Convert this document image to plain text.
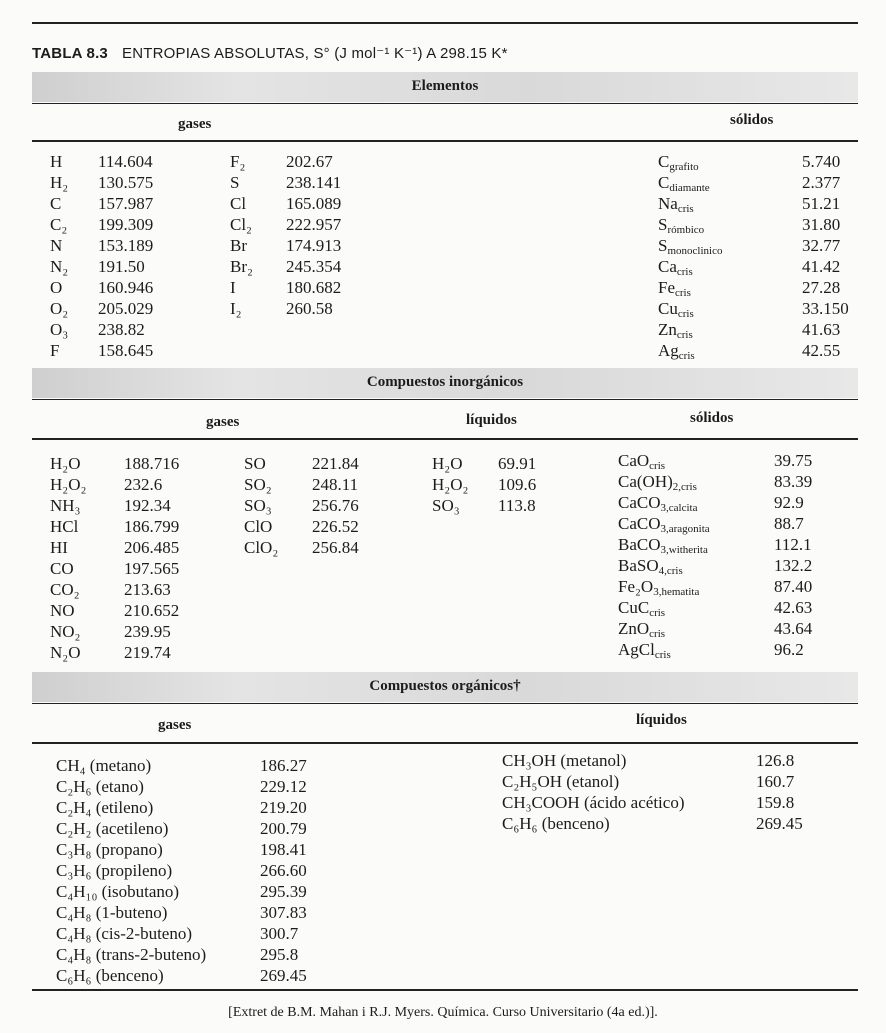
TABLA 8.3 ENTROPIAS ABSOLUTAS, S° (J mol⁻¹ K⁻¹) A 298.15 K*
Elementos
gases	sólidos
H 114.604
H₂ 130.575
C 157.987
C₂ 199.309
N 153.189
N₂ 191.50
O 160.946
O₂ 205.029
O₃ 238.82
F 158.645
F₂ 202.67
S	238.141
Cl 165.089
Cl₂ 222.957
Br 174.913
Br₂ 245.354
I	180.682
I₂	260.58
$C_{grafito}$	5.740
$C_{diamante}$	2.377
$Na_{cris}$	51.21
$S_{rómbico}$	31.80
$S_{monoclinico}$	32.77
$Ca_{cris}$	41.42
$Fe_{cris}$	27.28
$Cu_{cris}$	33.150
$Zn_{cris}$	41.63
$Ag_{cris}$	42.55
Compuestos inorgánicos
gases	líquidos	sólidos
H₂O	188.716
H₂O₂ 232.6
NH₃	192.34
HCl	186.799
HI	206.485
CO	197.565
CO₂	213.63
NO	210.652
NO₂	239.95
N₂O	219.74
SO	221.84
SO₂ 248.11
SO₃ 256.76
ClO 226.52
ClO₂ 256.84
H₂O 69.91
H₂O₂ 109.6
SO₃ 113.8
CaO$_{cris}$	39.75
$Ca(OH)_{2,cris}$	83.39
CaCO$_{3,calcita}$	92.9
CaCO$_{3,aragonita}$	88.7
BaCO$_{3,witherita}$	112.1
BaSO$_{4,cris}$	132.2
$Fe_2O_{3,hematita}$	87.40
CuC$_{cris}$	42.63
ZnO$_{cris}$	43.64
AgCl$_{cris}$	96.2
Compuestos orgánicos†
gases	líquidos
CH₄ (metano)	186.27
C₂H₆ (etano)	229.12
C₂H₄ (etileno)	219.20
C₂H₂ (acetileno)	200.79
C₃H₈ (propano)	198.41
C₃H₆ (propileno)	266.60
C₄H₁₀ (isobutano)	295.39
C₄H₈ (1-buteno)	307.83
C₄H₈ (cis-2-buteno)	300.7
C₄H₈ (trans-2-buteno)	295.8
C₆H₆ (benceno)	269.45
CH₃OH (metanol)	126.8
C₂H₅OH (etanol)	160.7
CH₃COOH (ácido acético)	159.8
C₆H₆ (benceno)	269.45
[Extret de B.M. Mahan i R.J. Myers. Química. Curso Universitario (4a ed.)].
